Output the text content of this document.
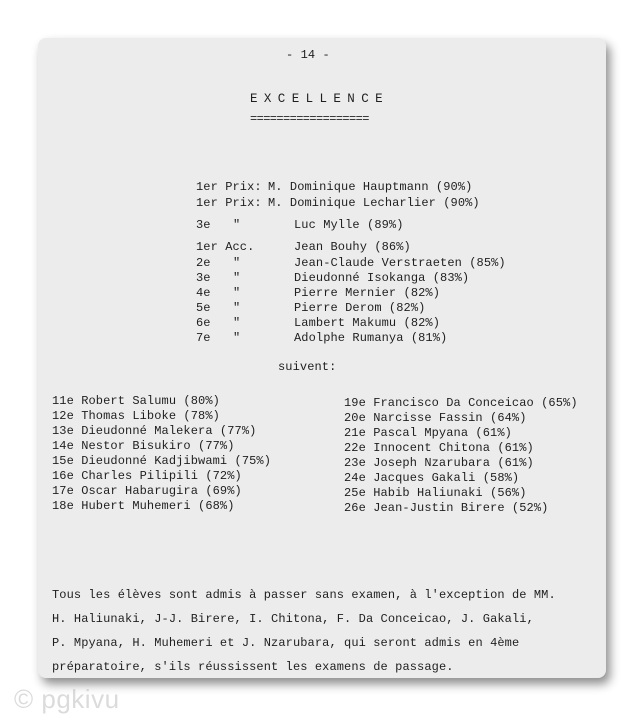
- 14 -
EXCELLENCE
==================
1er Prix: M. Dominique Hauptmann (90%)
1er Prix: M. Dominique Lecharlier (90%)
3e "	Luc Mylle (89%)
1er Acc.	Jean Bouhy (86%)
2e "	Jean-Claude Verstraeten (85%)
3e "	Dieudonné Isokanga (83%)
4e "	Pierre Mernier (82%)
5e "	Pierre Derom (82%)
6e "	Lambert Makumu (82%)
7e "	Adolphe Rumanya (81%)
suivent:
11e Robert Salumu (80%)
12e Thomas Liboke (78%)
13e Dieudonné Malekera (77%)
14e Nestor Bisukiro (77%)
15e Dieudonné Kadjibwami (75%)
16e Charles Pilipili (72%)
17e Oscar Habarugira (69%)
18e Hubert Muhemeri (68%)
19e Francisco Da Conceicao (65%)
20e Narcisse Fassin (64%)
21e Pascal Mpyana (61%)
22e Innocent Chitona (61%)
23e Joseph Nzarubara (61%)
24e Jacques Gakali (58%)
25e Habib Haliunaki (56%)
26e Jean-Justin Birere (52%)
Tous les élèves sont admis à passer sans examen, à l'exception de MM.
H. Haliunaki, J-J. Birere, I. Chitona, F. Da Conceicao, J. Gakali,
P. Mpyana, H. Muhemeri et J. Nzarubara, qui seront admis en 4ème
préparatoire, s'ils réussissent les examens de passage.
© pgkivu
